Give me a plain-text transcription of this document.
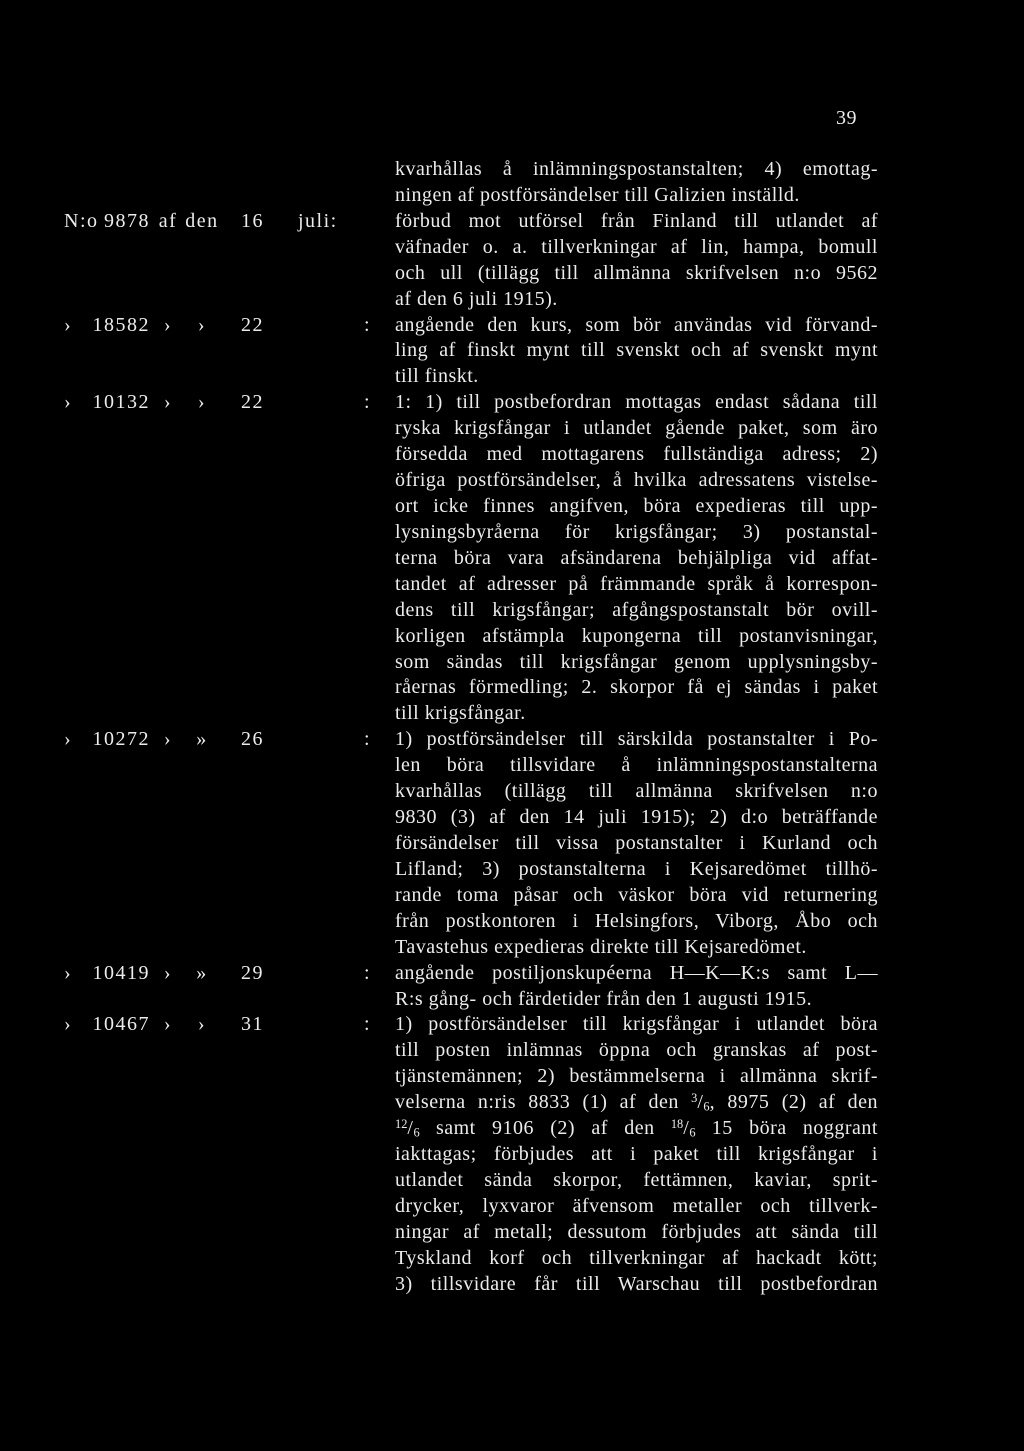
39
kvarhållas å inlämningspostanstalten; 4) emottag-
ningen af postförsändelser till Galizien inställd.
N:o 9878 af den	16 juli:	förbud mot utförsel från Finland till utlandet af
väfnader o. a. tillverkningar af lin, hampa, bomull
och ull (tillägg till allmänna skrifvelsen n:o 9562
af den 6 juli 1915).
›	18582 ›	›	22	: angående den kurs, som bör användas vid förvand-
ling af finskt mynt till svenskt och af svenskt mynt
till finskt.
›	10132 ›	›	22	: 1: 1) till postbefordran mottagas endast sådana till
ryska krigsfångar i utlandet gående paket, som äro
försedda med mottagarens fullständiga adress; 2)
öfriga postförsändelser, å hvilka adressatens vistelse-
ort icke finnes angifven, böra expedieras till upp-
lysningsbyråerna för krigsfångar; 3) postanstal-
terna böra vara afsändarena behjälpliga vid affat-
tandet af adresser på främmande språk å korrespon-
dens till krigsfångar; afgångspostanstalt bör ovill-
korligen afstämpla kupongerna till postanvisningar,
som sändas till krigsfångar genom upplysningsby-
råernas förmedling; 2. skorpor få ej sändas i paket
till krigsfångar.
›	10272 ›	»	26	: 1) postförsändelser till särskilda postanstalter i Po-
len böra tillsvidare å inlämningspostanstalterna
kvarhållas (tillägg till allmänna skrifvelsen n:o
9830 (3) af den 14 juli 1915); 2) d:o beträffande
försändelser till vissa postanstalter i Kurland och
Lifland; 3) postanstalterna i Kejsaredömet tillhö-
rande toma påsar och väskor böra vid returnering
från postkontoren i Helsingfors, Viborg, Åbo och
Tavastehus expedieras direkte till Kejsaredömet.
›	10419 ›	»	29	: angående postiljonskupéerna H—K—K:s samt L—
R:s gång- och färdetider från den 1 augusti 1915.
›	10467 ›	›	31	: 1) postförsändelser till krigsfångar i utlandet böra
till posten inlämnas öppna och granskas af post-
tjänstemännen; 2) bestämmelserna i allmänna skrif-
velserna n:ris 8833 (1) af den $^3/_6$, 8975 (2) af den
$^{12}/_6$ samt 9106 (2) af den $^{18}/_6$ 15 böra noggrant
iakttagas; förbjudes att i paket till krigsfångar i
utlandet sända skorpor, fettämnen, kaviar, sprit-
drycker, lyxvaror äfvensom metaller och tillverk-
ningar af metall; dessutom förbjudes att sända till
Tyskland korf och tillverkningar af hackadt kött;
3) tillsvidare får till Warschau till postbefordran
